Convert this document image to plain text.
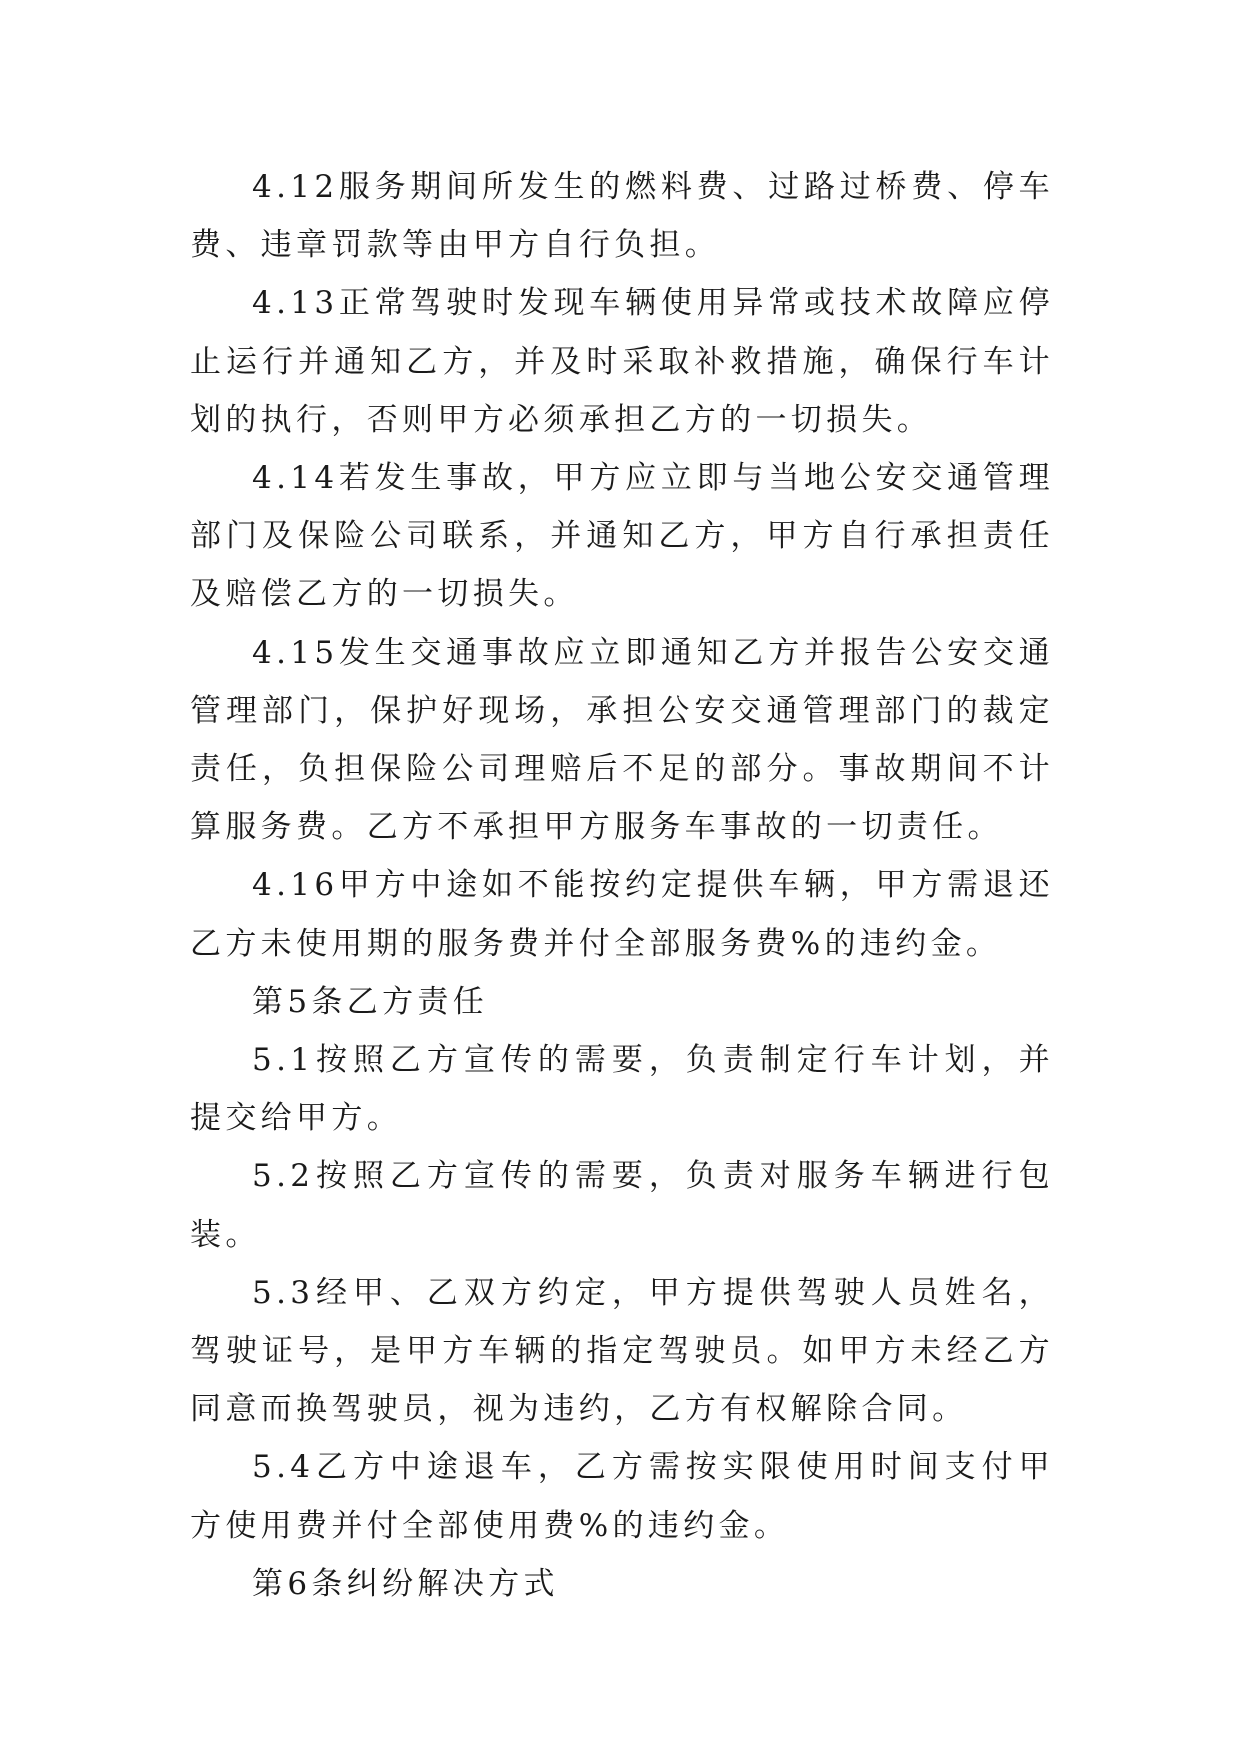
4.12服务期间所发生的燃料费、过路过桥费、停车费、违章罚款等由甲方自行负担。

4.13正常驾驶时发现车辆使用异常或技术故障应停止运行并通知乙方，并及时采取补救措施，确保行车计划的执行，否则甲方必须承担乙方的一切损失。

4.14若发生事故，甲方应立即与当地公安交通管理部门及保险公司联系，并通知乙方，甲方自行承担责任及赔偿乙方的一切损失。

4.15发生交通事故应立即通知乙方并报告公安交通管理部门，保护好现场，承担公安交通管理部门的裁定责任，负担保险公司理赔后不足的部分。事故期间不计算服务费。乙方不承担甲方服务车事故的一切责任。

4.16甲方中途如不能按约定提供车辆，甲方需退还乙方未使用期的服务费并付全部服务费%的违约金。

第5条乙方责任

5.1按照乙方宣传的需要，负责制定行车计划，并提交给甲方。

5.2按照乙方宣传的需要，负责对服务车辆进行包装。

5.3经甲、乙双方约定，甲方提供驾驶人员姓名，驾驶证号，是甲方车辆的指定驾驶员。如甲方未经乙方同意而换驾驶员，视为违约，乙方有权解除合同。

5.4乙方中途退车，乙方需按实限使用时间支付甲方使用费并付全部使用费%的违约金。

第6条纠纷解决方式
